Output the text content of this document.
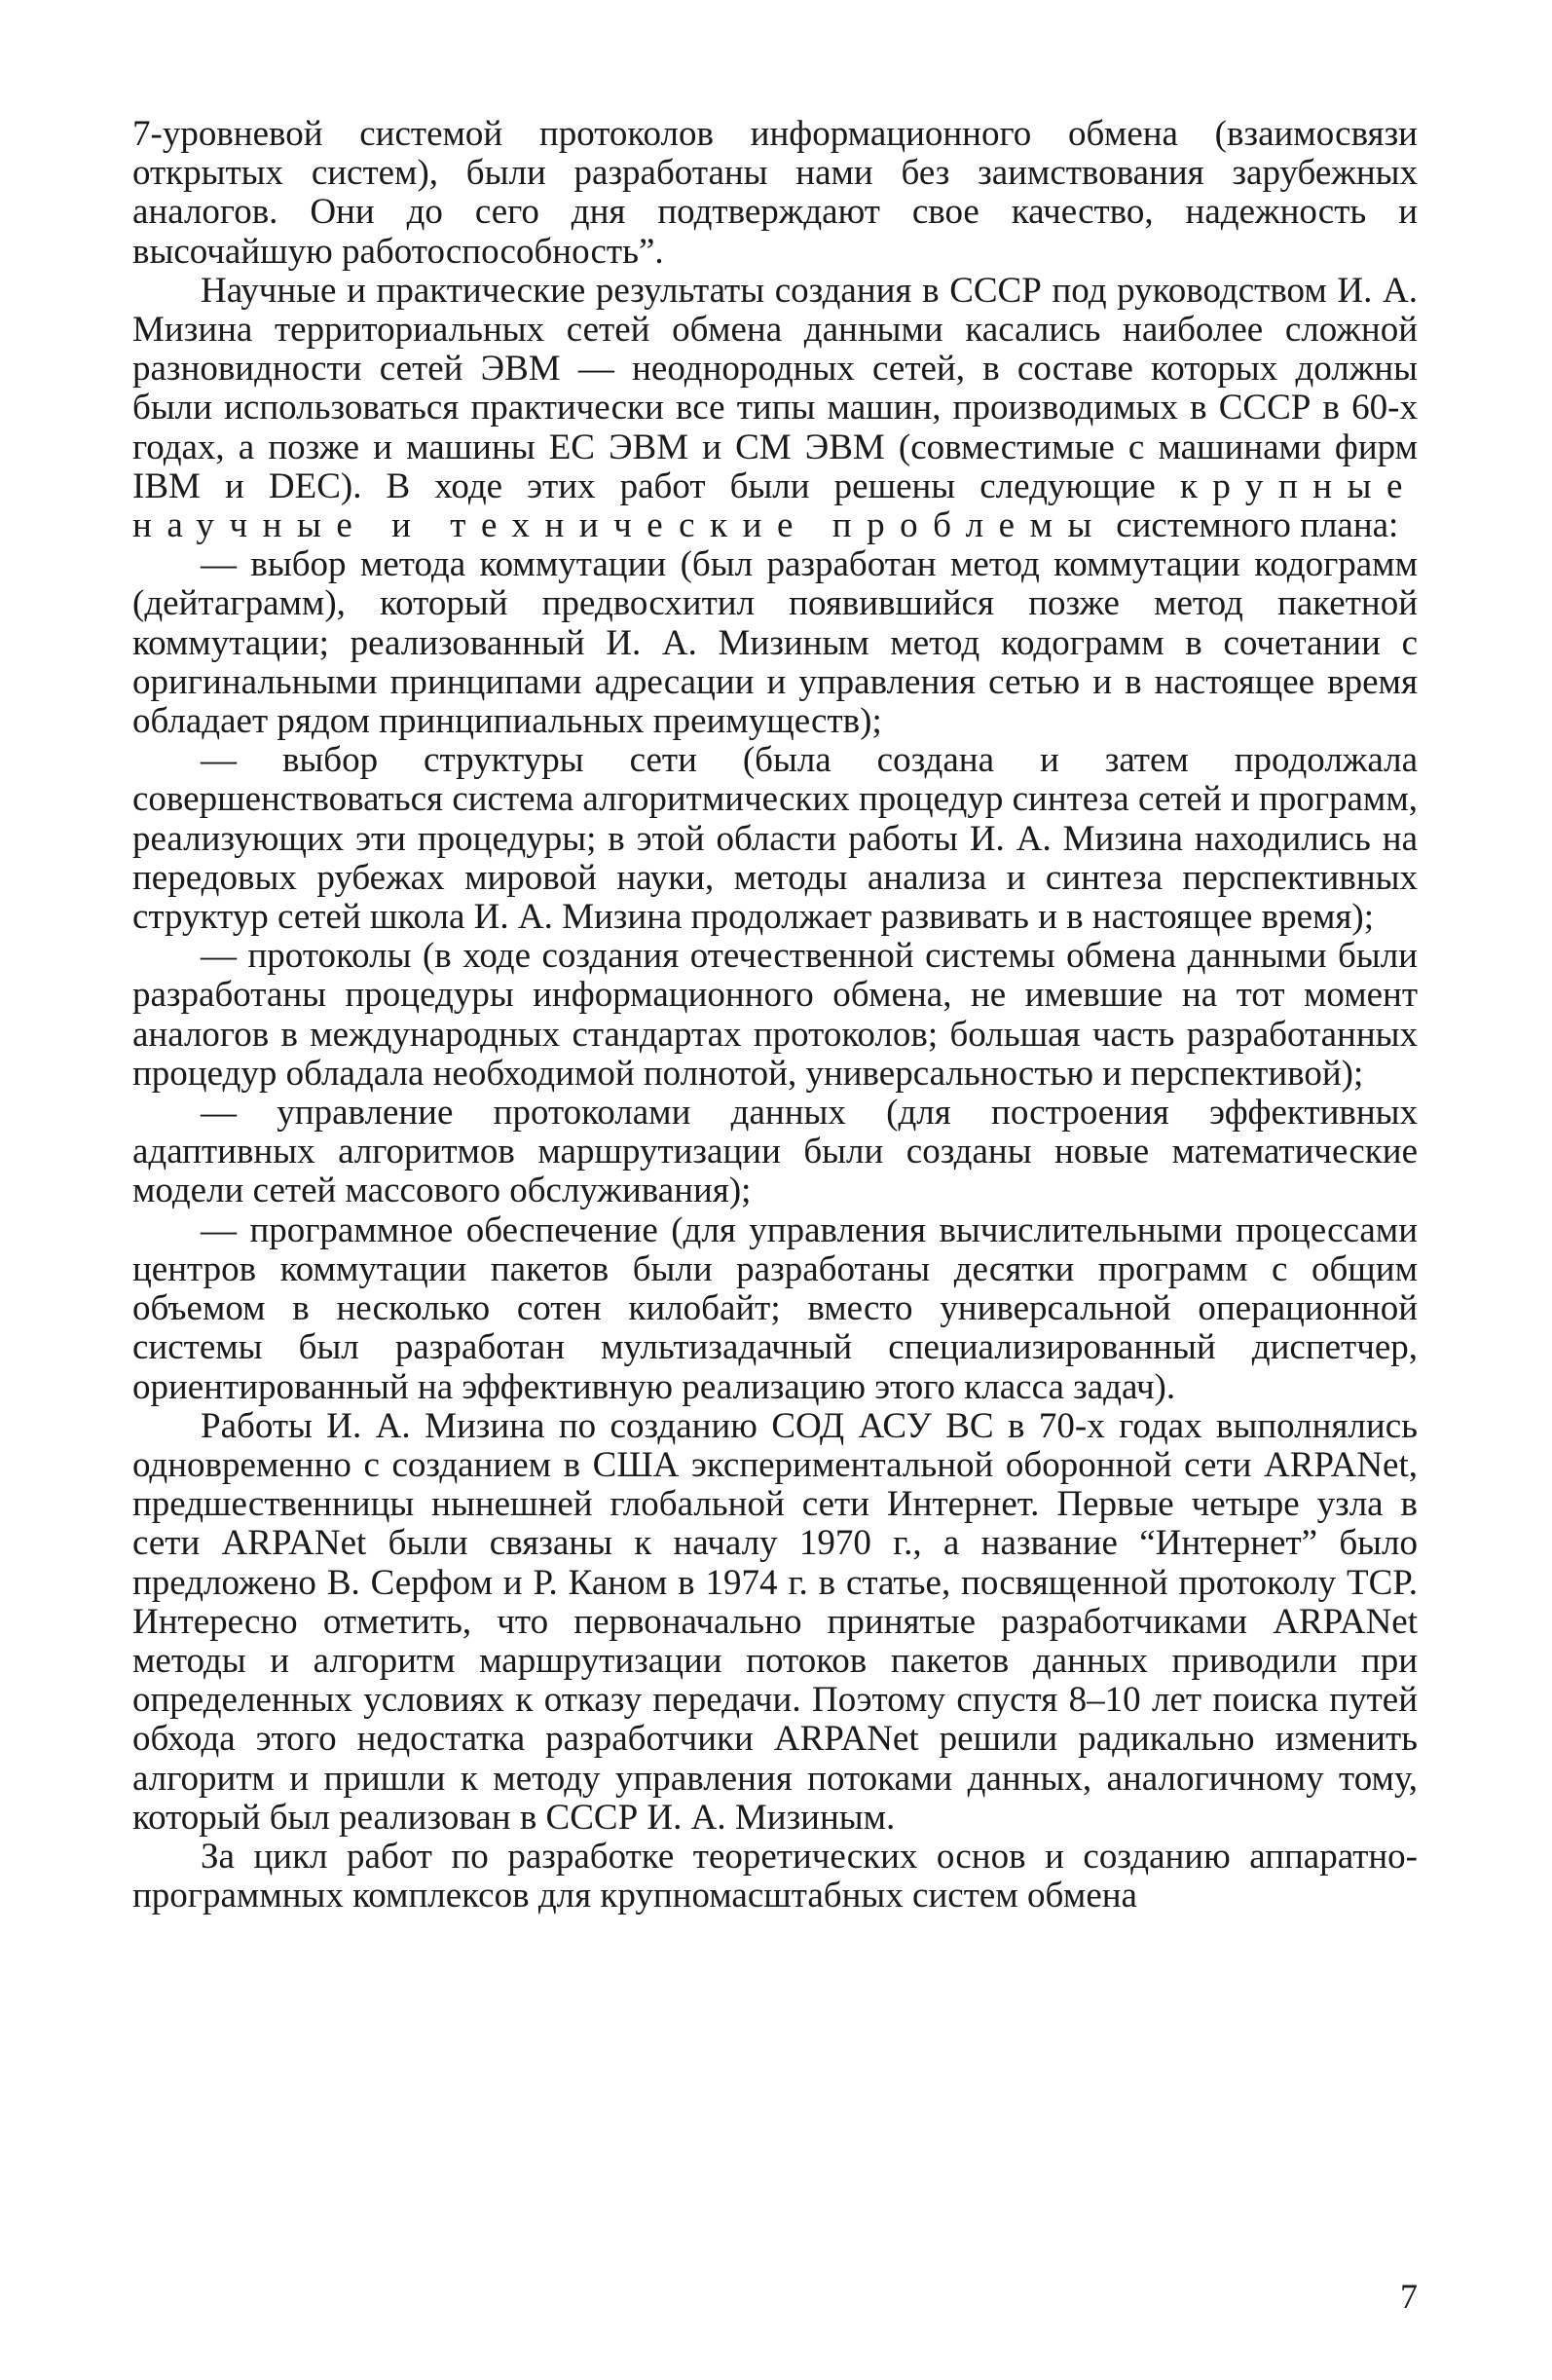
7-уровневой системой протоколов информационного обмена (взаимосвязи открытых систем), были разработаны нами без заимствования зарубежных аналогов. Они до сего дня подтверждают свое качество, надежность и высочайшую работоспособность”.

Научные и практические результаты создания в СССР под руководством И. А. Мизина территориальных сетей обмена данными касались наиболее сложной разновидности сетей ЭВМ — неоднородных сетей, в составе которых должны были использоваться практически все типы машин, производимых в СССР в 60-х годах, а позже и машины ЕС ЭВМ и СМ ЭВМ (совместимые с машинами фирм IBM и DEC). В ходе этих работ были решены следующие крупные научные и технические проблемы системного плана:

— выбор метода коммутации (был разработан метод коммутации кодограмм (дейтаграмм), который предвосхитил появившийся позже метод пакетной коммутации; реализованный И. А. Мизиным метод кодограмм в сочетании с оригинальными принципами адресации и управления сетью и в настоящее время обладает рядом принципиальных преимуществ);

— выбор структуры сети (была создана и затем продолжала совершенствоваться система алгоритмических процедур синтеза сетей и программ, реализующих эти процедуры; в этой области работы И. А. Мизина находились на передовых рубежах мировой науки, методы анализа и синтеза перспективных структур сетей школа И. А. Мизина продолжает развивать и в настоящее время);

— протоколы (в ходе создания отечественной системы обмена данными были разработаны процедуры информационного обмена, не имевшие на тот момент аналогов в международных стандартах протоколов; большая часть разработанных процедур обладала необходимой полнотой, универсальностью и перспективой);

— управление протоколами данных (для построения эффективных адаптивных алгоритмов маршрутизации были созданы новые математические модели сетей массового обслуживания);

— программное обеспечение (для управления вычислительными процессами центров коммутации пакетов были разработаны десятки программ с общим объемом в несколько сотен килобайт; вместо универсальной операционной системы был разработан мультизадачный специализированный диспетчер, ориентированный на эффективную реализацию этого класса задач).

Работы И. А. Мизина по созданию СОД АСУ ВС в 70-х годах выполнялись одновременно с созданием в США экспериментальной оборонной сети ARPANet, предшественницы нынешней глобальной сети Интернет. Первые четыре узла в сети ARPANet были связаны к началу 1970 г., а название “Интернет” было предложено В. Серфом и Р. Каном в 1974 г. в статье, посвященной протоколу TCP. Интересно отметить, что первоначально принятые разработчиками ARPANet методы и алгоритм маршрутизации потоков пакетов данных приводили при определенных условиях к отказу передачи. Поэтому спустя 8–10 лет поиска путей обхода этого недостатка разработчики ARPANet решили радикально изменить алгоритм и пришли к методу управления потоками данных, аналогичному тому, который был реализован в СССР И. А. Мизиным.

За цикл работ по разработке теоретических основ и созданию аппаратно-программных комплексов для крупномасштабных систем обмена

7
